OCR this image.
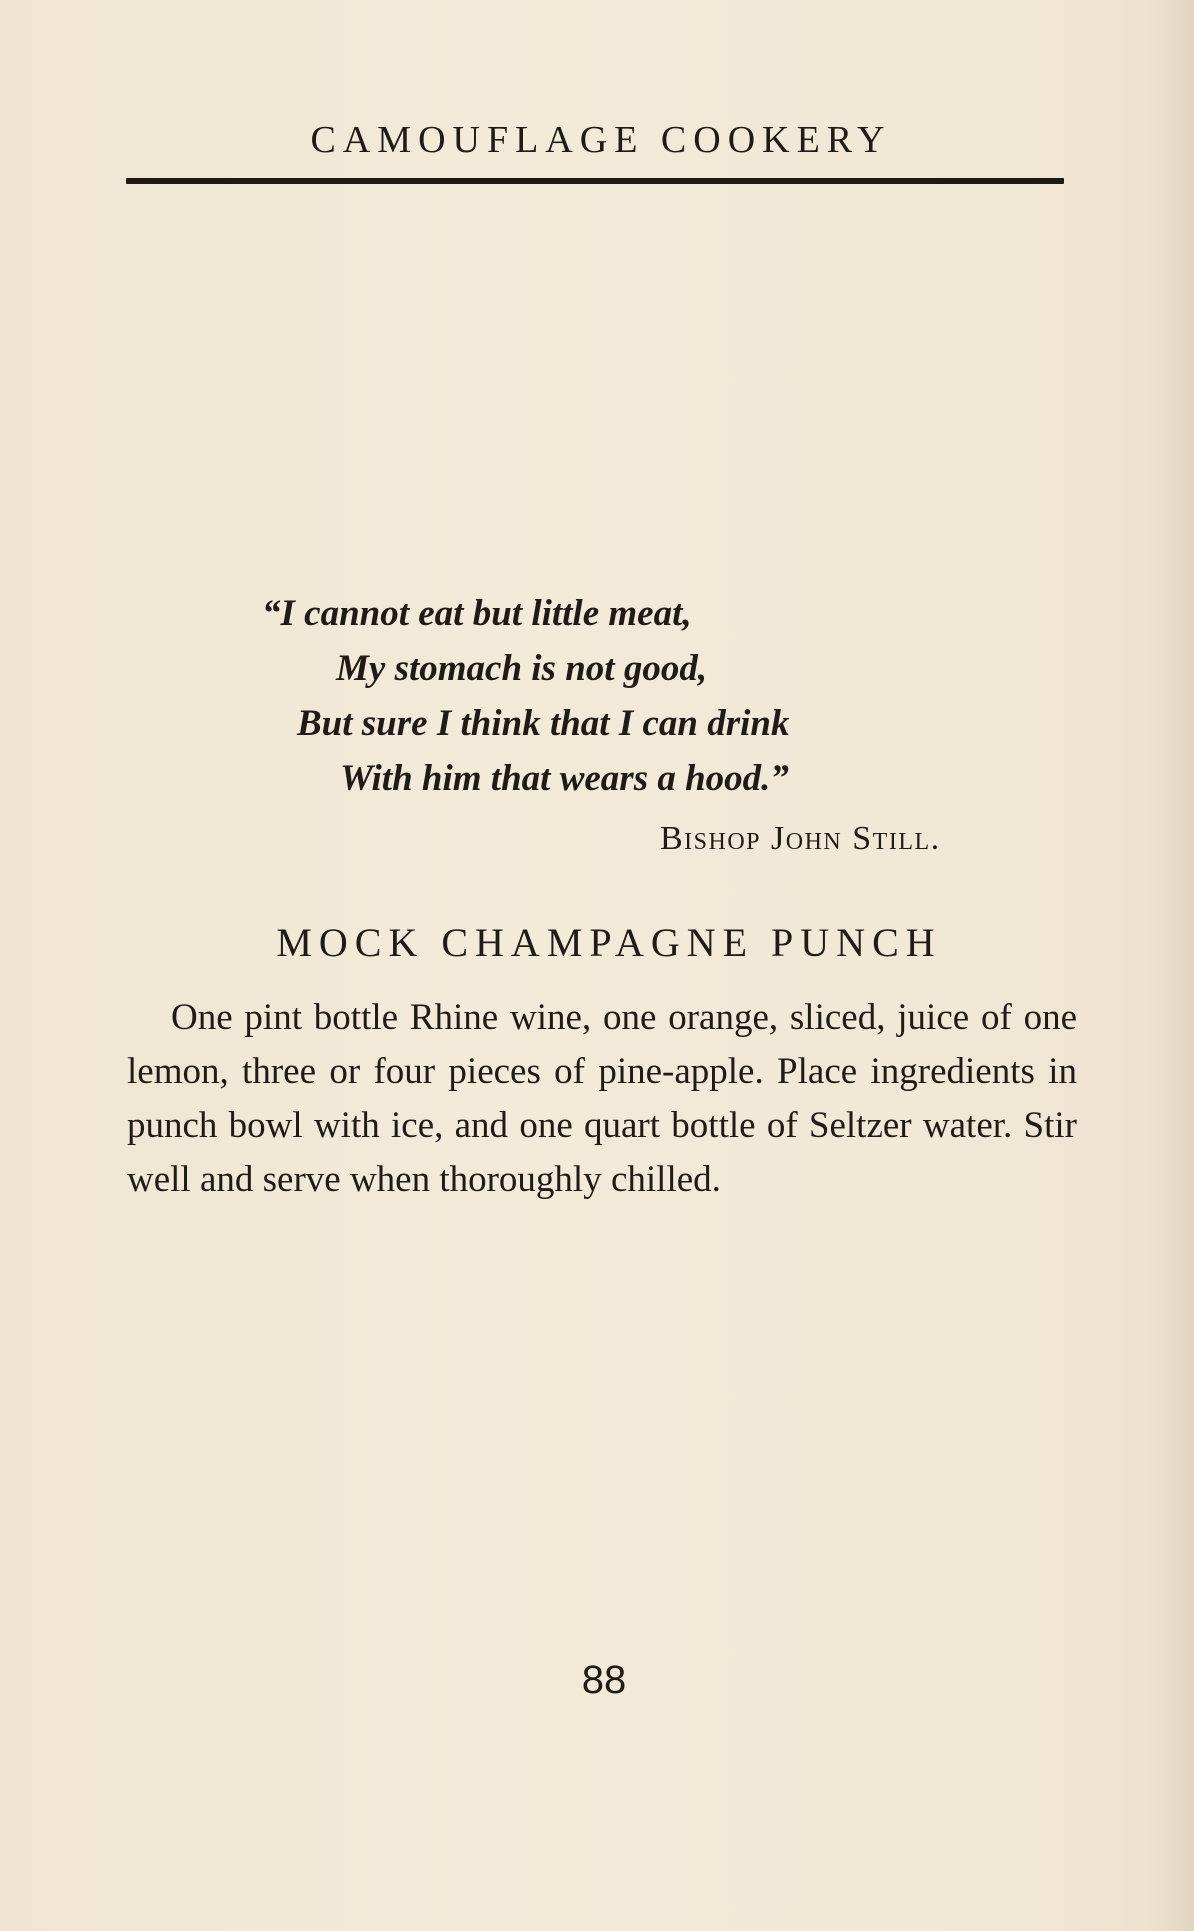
CAMOUFLAGE COOKERY
“I cannot eat but little meat,
My stomach is not good,
But sure I think that I can drink
With him that wears a hood.”
Bishop John Still.
MOCK CHAMPAGNE PUNCH
One pint bottle Rhine wine, one orange, sliced, juice of one lemon, three or four pieces of pine-apple. Place ingredients in punch bowl with ice, and one quart bottle of Seltzer water. Stir well and serve when thoroughly chilled.
88
